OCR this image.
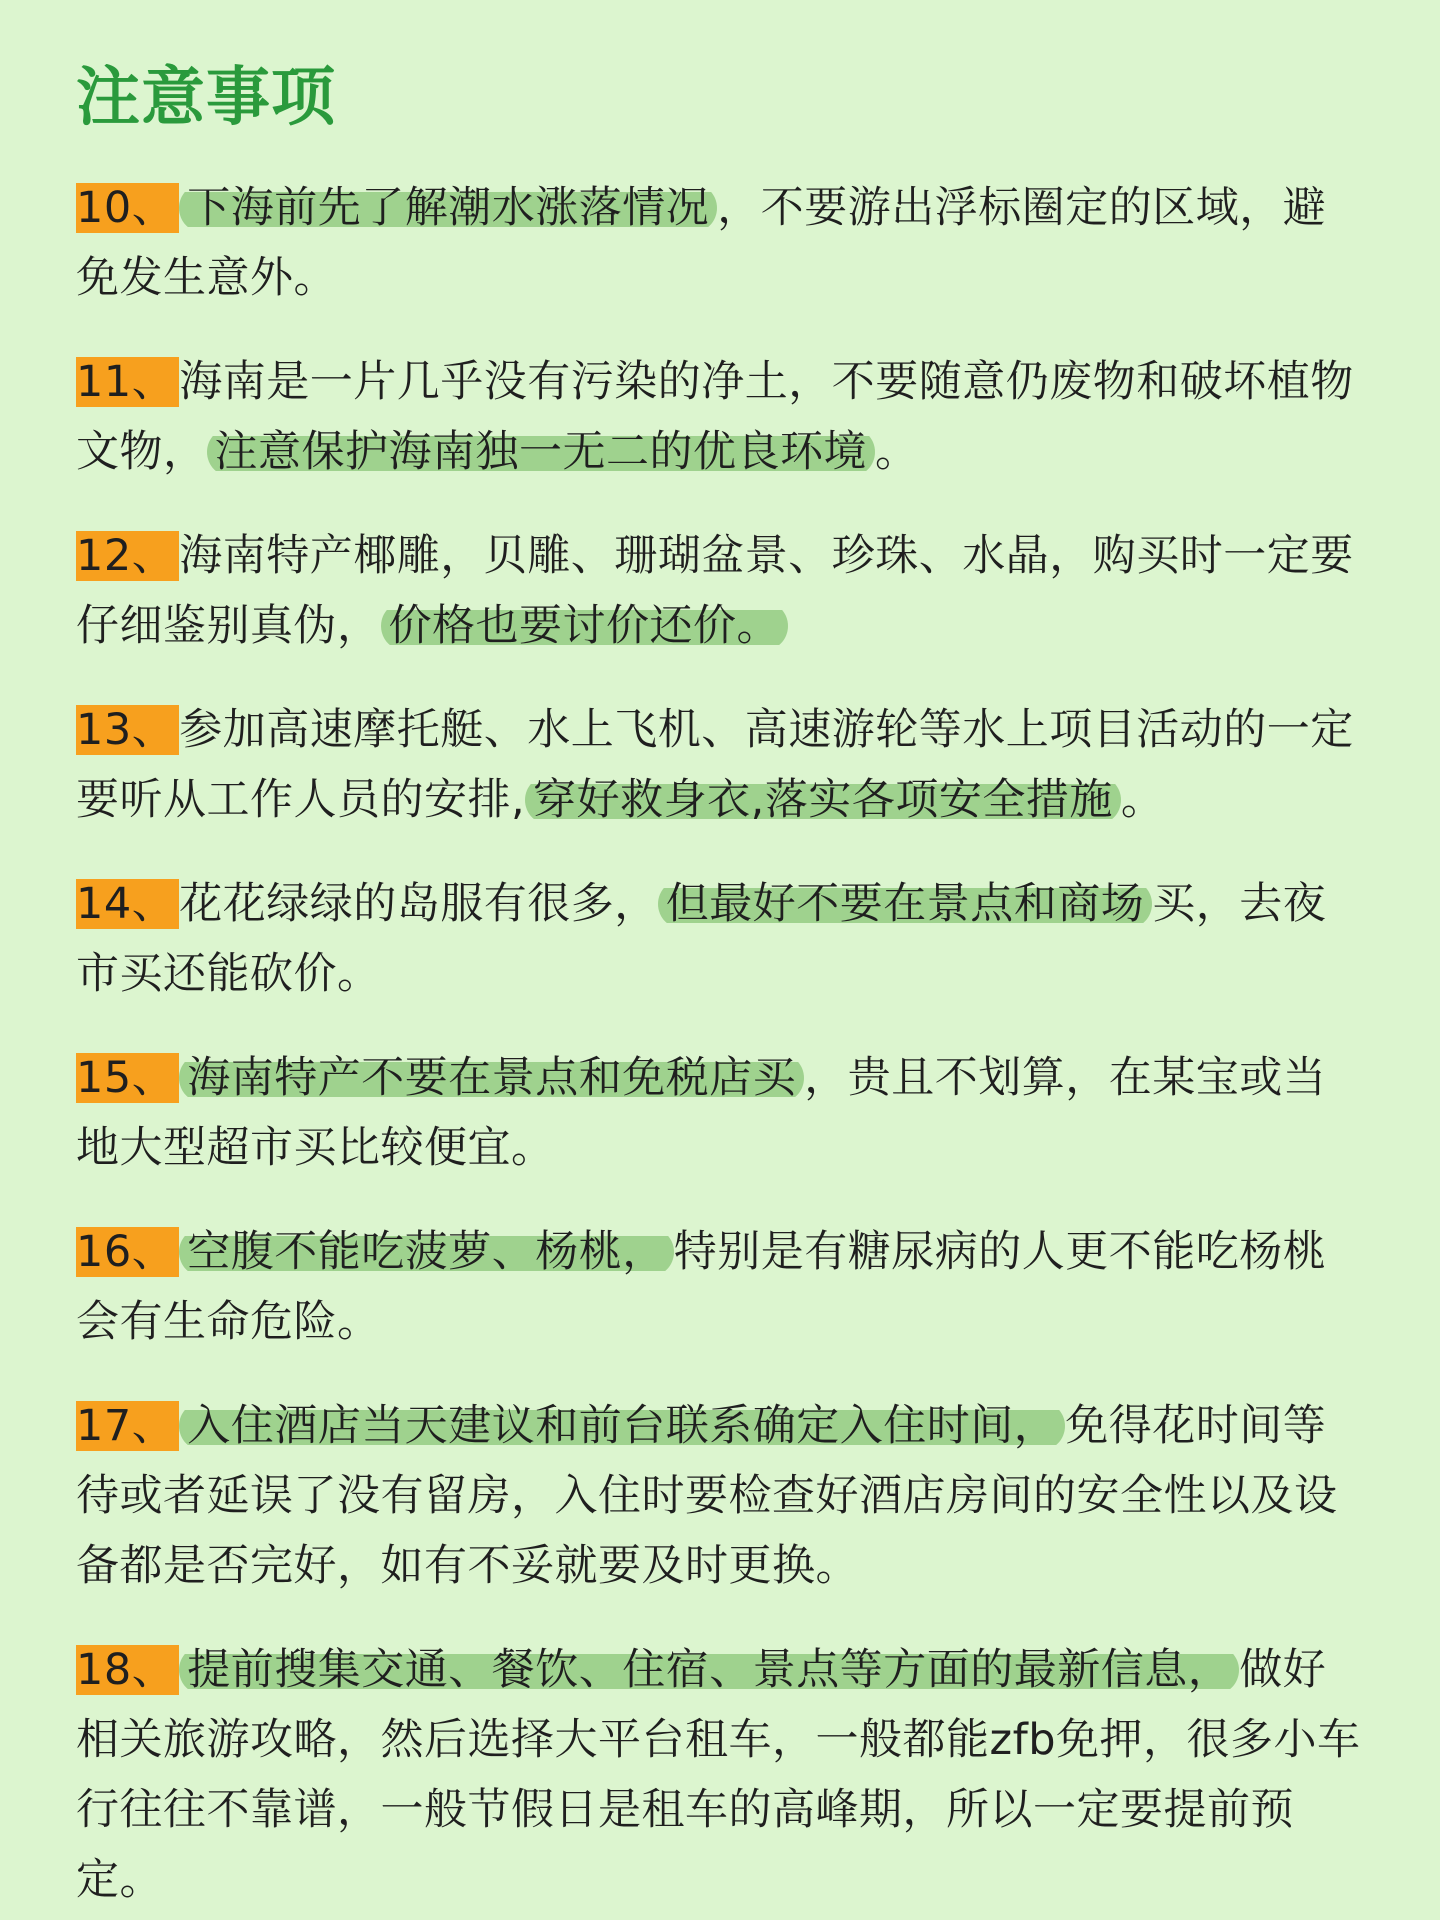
注意事项

10、 下海前先了解潮水涨落情况 ，不要游出浮标圈定的区域，避免发生意外。

11、海南是一片几乎没有污染的净土，不要随意仍废物和破坏植物文物， 注意保护海南独一无二的优良环境 。

12、海南特产椰雕，贝雕、珊瑚盆景、珍珠、水晶，购买时一定要仔细鉴别真伪， 价格也要讨价还价。

13、参加高速摩托艇、水上飞机、高速游轮等水上项目活动的一定要听从工作人员的安排, 穿好救身衣,落实各项安全措施 。

14、花花绿绿的岛服有很多， 但最好不要在景点和商场 买，去夜市买还能砍价。

15、 海南特产不要在景点和免税店买 ，贵且不划算，在某宝或当地大型超市买比较便宜。

16、 空腹不能吃菠萝、杨桃， 特别是有糖尿病的人更不能吃杨桃会有生命危险。

17、 入住酒店当天建议和前台联系确定入住时间， 免得花时间等待或者延误了没有留房，入住时要检查好酒店房间的安全性以及设备都是否完好，如有不妥就要及时更换。

18、 提前搜集交通、餐饮、住宿、景点等方面的最新信息， 做好相关旅游攻略，然后选择大平台租车，一般都能zfb免押，很多小车行往往不靠谱，一般节假日是租车的高峰期，所以一定要提前预定。
